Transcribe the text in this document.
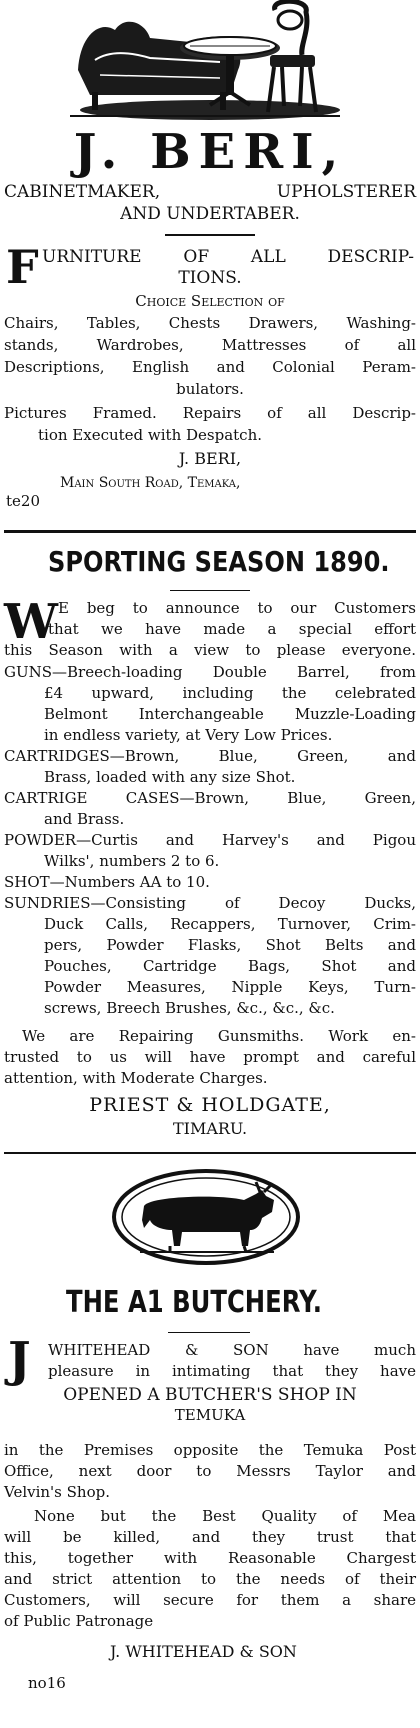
J. BERI,
CABINETMAKER, UPHOLSTERER
AND UNDERTABER.
F URNITURE OF ALL DESCRIP-
TIONS.
Choice Selection of
Chairs, Tables, Chests Drawers, Washing-
stands, Wardrobes, Mattresses of all
Descriptions, English and Colonial Peram-
bulators.
Pictures Framed. Repairs of all Descrip-
tion Executed with Despatch.
J. BERI,
Main South Road, Temaka,
te20
SPORTING SEASON 1890.
W E beg to announce to our Customers
that we have made a special effort
this Season with a view to please everyone.
GUNS—Breech-loading Double Barrel, from
£4 upward, including the celebrated
Belmont Interchangeable Muzzle-Loading
in endless variety, at Very Low Prices.
CARTRIDGES—Brown, Blue, Green, and
Brass, loaded with any size Shot.
CARTRIGE CASES—Brown, Blue, Green,
and Brass.
POWDER—Curtis and Harvey's and Pigou
Wilks', numbers 2 to 6.
SHOT—Numbers AA to 10.
SUNDRIES—Consisting of Decoy Ducks,
Duck Calls, Recappers, Turnover, Crim-
pers, Powder Flasks, Shot Belts and
Pouches, Cartridge Bags, Shot and
Powder Measures, Nipple Keys, Turn-
screws, Breech Brushes, &c., &c., &c.
We are Repairing Gunsmiths. Work en-
trusted to us will have prompt and careful
attention, with Moderate Charges.
PRIEST & HOLDGATE,
TIMARU.
THE A1 BUTCHERY.
J	WHITEHEAD & SON have much
pleasure in intimating that they have
OPENED A BUTCHER'S SHOP IN
TEMUKA
in the Premises opposite the Temuka Post
Office, next door to Messrs Taylor and
Velvin's Shop.
None but the Best Quality of Mea
will be killed, and they trust that
this, together with Reasonable Chargest
and strict attention to the needs of their
Customers, will secure for them a share
of Public Patronage
J. WHITEHEAD & SON
no16
